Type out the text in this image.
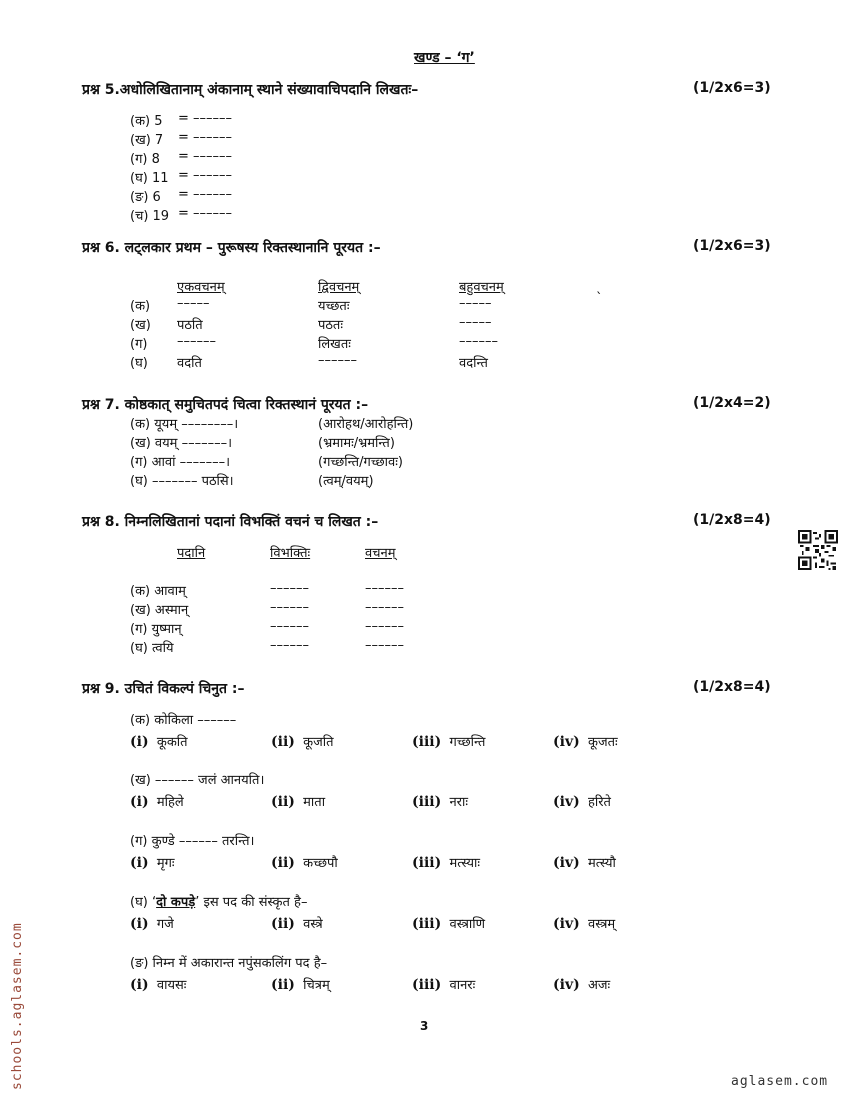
खण्ड – ‘ग’
प्रश्न 5.अधोलिखितानाम् अंकानाम् स्थाने संख्यावाचिपदानि लिखतः–	(1/2x6=3)
(क) 5 = ––––––
(ख) 7 = ––––––
(ग) 8 = ––––––
(घ) 11 = ––––––
(ङ) 6 = ––––––
(च) 19 = ––––––
प्रश्न 6. लट्लकार प्रथम – पुरूषस्य रिक्तस्थानानि पूरयत :–	(1/2x6=3)
एकवचनम्	द्विवचनम्	बहुवचनम्	ˎ
(क) –––––	यच्छतः	–––––
(ख) पठति	पठतः	–––––
(ग) ––––––	लिखतः	––––––
(घ) वदति	––––––	वदन्ति
प्रश्न 7. कोष्ठकात् समुचितपदं चित्वा रिक्तस्थानं पूरयत :–	(1/2x4=2)
(क) यूयम् ––––––––।	(आरोहथ/आरोहन्ति)
(ख) वयम् –––––––।	(भ्रमामः/भ्रमन्ति)
(ग) आवां –––––––।	(गच्छन्ति/गच्छावः)
(घ) ––––––– पठसि।	(त्वम्/वयम्)
प्रश्न 8. निम्नलिखितानां पदानां विभक्तिं वचनं च लिखत :–	(1/2x8=4)
पदानि	विभक्तिः	वचनम्
(क) आवाम्	––––––	––––––
(ख) अस्मान्	––––––	––––––
(ग) युष्मान्	––––––	––––––
(घ) त्वयि	––––––	––––––
प्रश्न 9. उचितं विकल्पं चिनुत :–	(1/2x8=4)
(क) कोकिला ––––––
(i) कूकति	(ii) कूजति	(iii) गच्छन्ति	(iv) कूजतः
(ख) –––––– जलं आनयति।
(i) महिले	(ii) माता	(iii) नराः	(iv) हरिते
(ग) कुण्डे –––––– तरन्ति।
(i) मृगः	(ii) कच्छपौ	(iii) मत्स्याः	(iv) मत्स्यौ
(घ) ‘दो कपड़े’ इस पद की संस्कृत है–
(i) गजे	(ii) वस्त्रे	(iii) वस्त्राणि	(iv) वस्त्रम्
(ङ) निम्न में अकारान्त नपुंसकलिंग पद है–
(i) वायसः	(ii) चित्रम्	(iii) वानरः	(iv) अजः
3
schools.aglasem.com	aglasem.com
